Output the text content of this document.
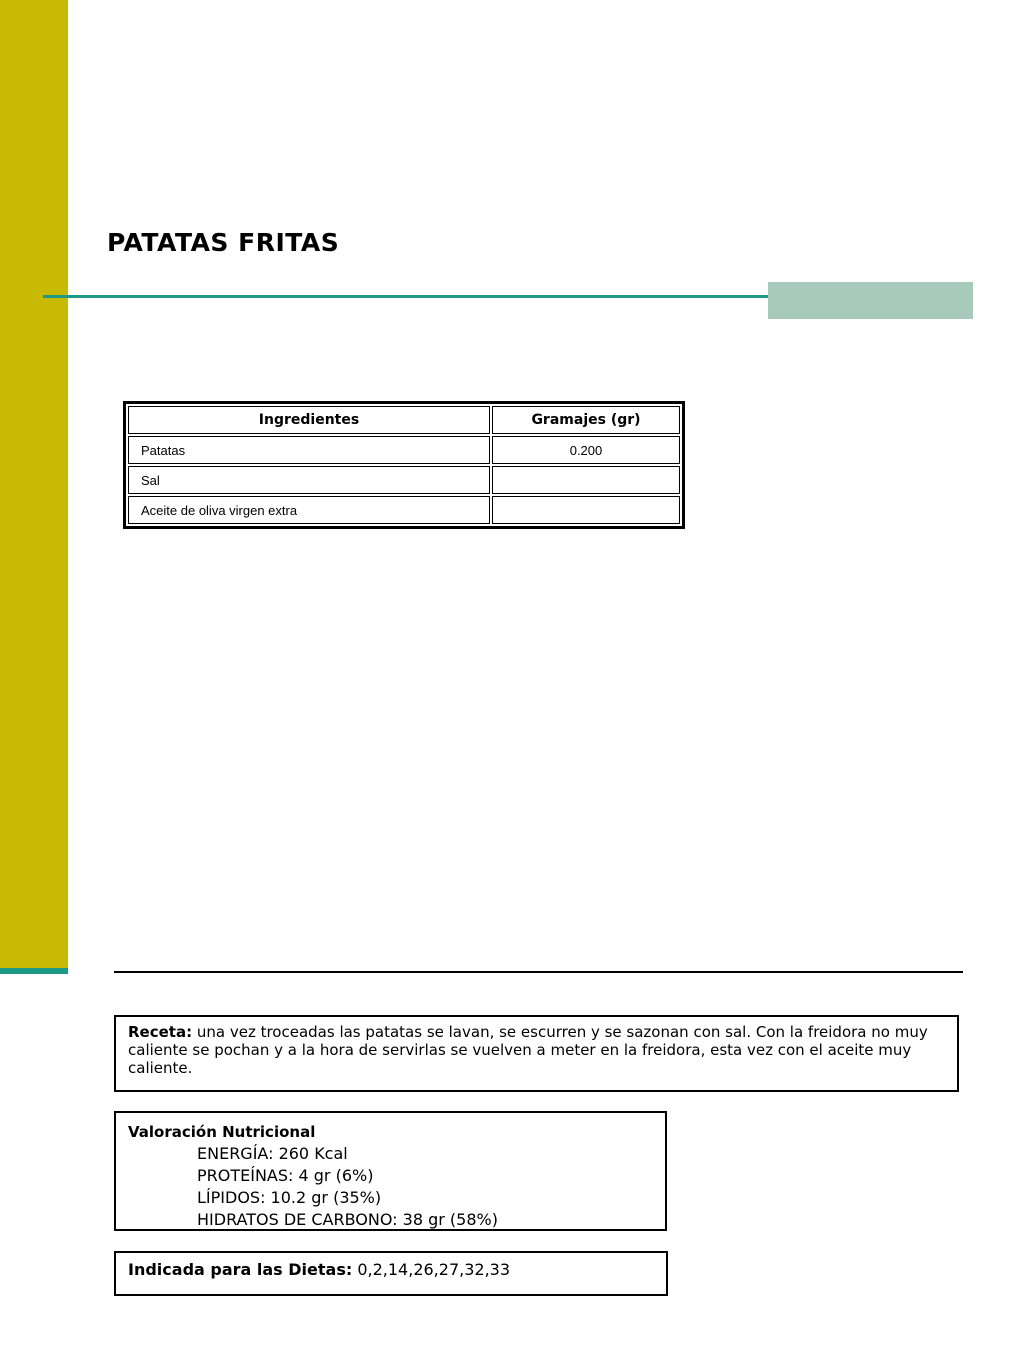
PATATAS FRITAS
Ingredientes	Gramajes (gr)
Patatas	0.200
Sal	
Aceite de oliva virgen extra	
Receta: una vez troceadas las patatas se lavan, se escurren y se sazonan con sal. Con la freidora no muy caliente se pochan y a la hora de servirlas se vuelven a meter en la freidora, esta vez con el aceite muy caliente.
Valoración Nutricional
ENERGÍA: 260 Kcal
PROTEÍNAS: 4 gr (6%)
LÍPIDOS: 10.2 gr (35%)
HIDRATOS DE CARBONO: 38 gr (58%)
Indicada para las Dietas: 0,2,14,26,27,32,33
